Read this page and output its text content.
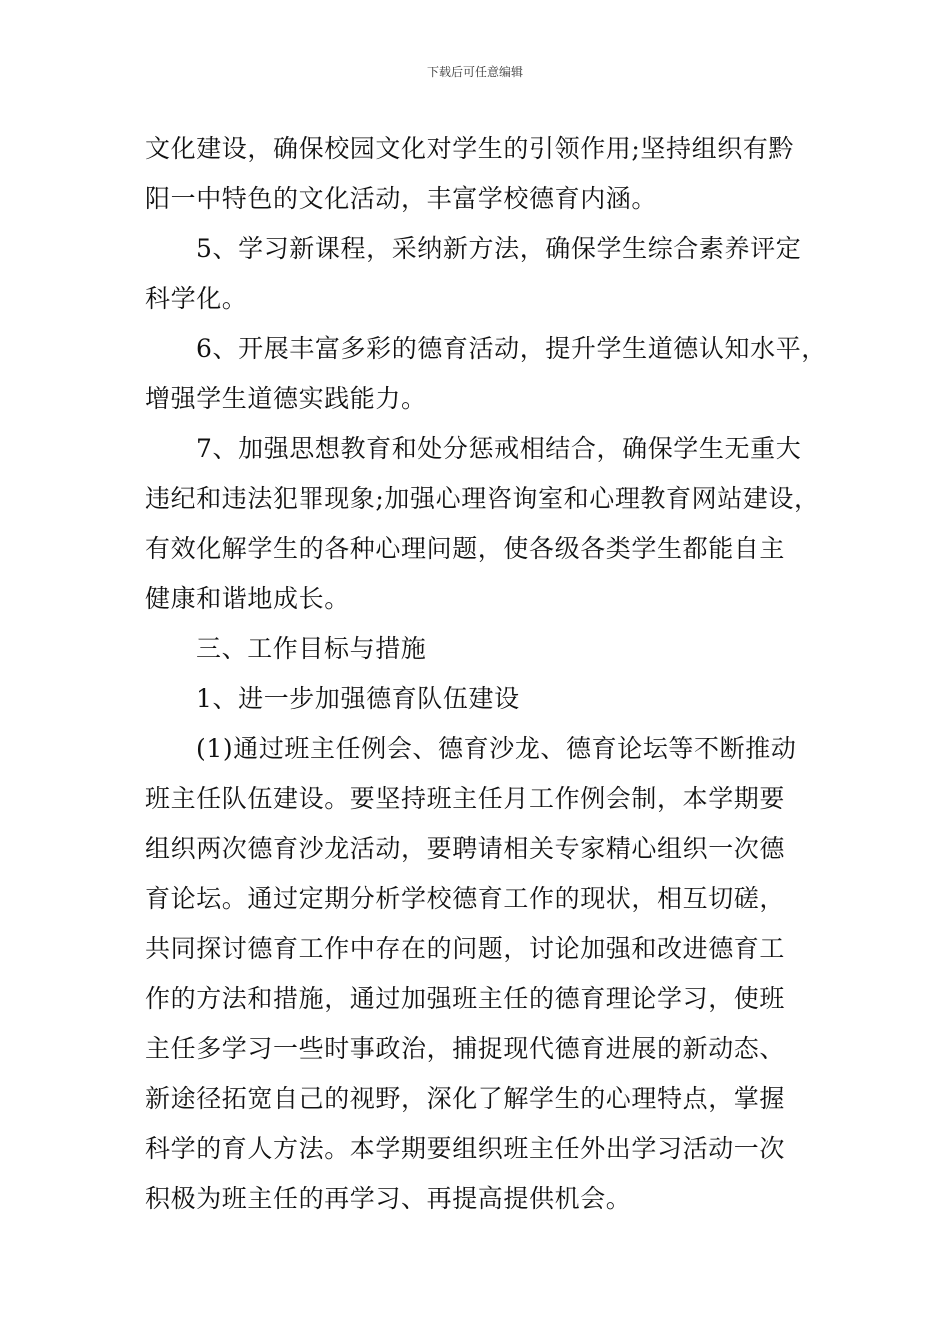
下载后可任意编辑
文化建设，确保校园文化对学生的引领作用;坚持组织有黔
阳一中特色的文化活动，丰富学校德育内涵。
5、学习新课程，采纳新方法，确保学生综合素养评定
科学化。
6、开展丰富多彩的德育活动，提升学生道德认知水平，
增强学生道德实践能力。
7、加强思想教育和处分惩戒相结合，确保学生无重大
违纪和违法犯罪现象;加强心理咨询室和心理教育网站建设，
有效化解学生的各种心理问题，使各级各类学生都能自主
健康和谐地成长。
三、工作目标与措施
1、进一步加强德育队伍建设
(1)通过班主任例会、德育沙龙、德育论坛等不断推动
班主任队伍建设。要坚持班主任月工作例会制，本学期要
组织两次德育沙龙活动，要聘请相关专家精心组织一次德
育论坛。通过定期分析学校德育工作的现状，相互切磋，
共同探讨德育工作中存在的问题，讨论加强和改进德育工
作的方法和措施，通过加强班主任的德育理论学习，使班
主任多学习一些时事政治，捕捉现代德育进展的新动态、
新途径拓宽自己的视野，深化了解学生的心理特点，掌握
科学的育人方法。本学期要组织班主任外出学习活动一次
积极为班主任的再学习、再提高提供机会。
